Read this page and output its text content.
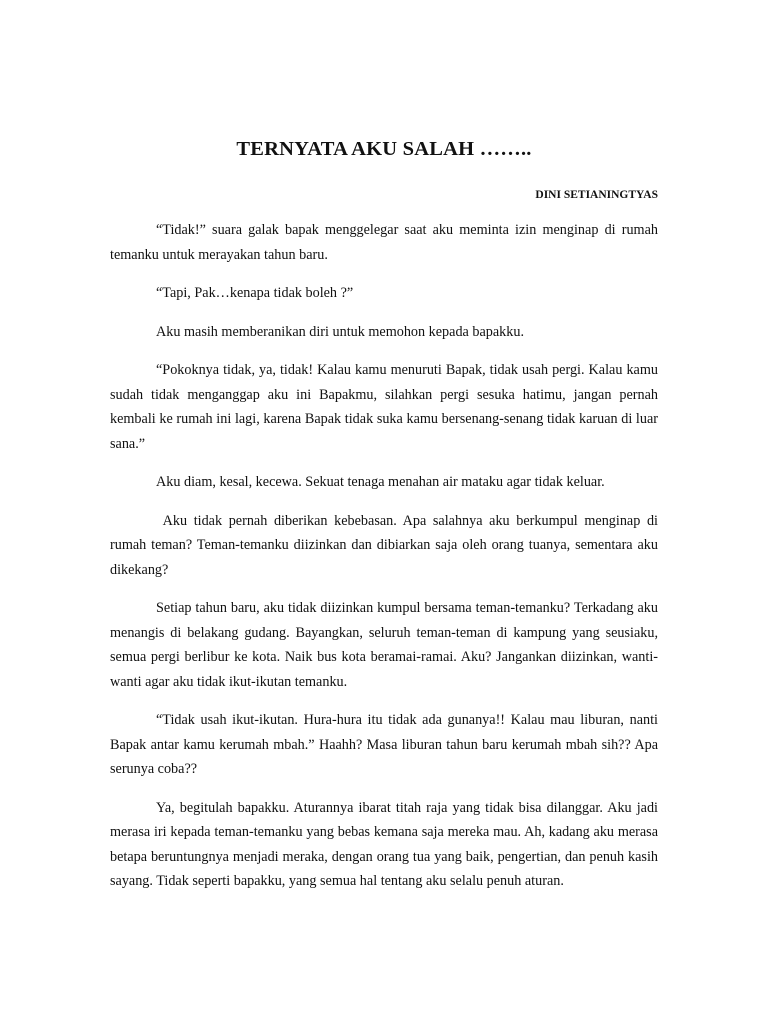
TERNYATA AKU SALAH ……..

DINI SETIANINGTYAS

“Tidak!” suara galak bapak menggelegar saat aku meminta izin menginap di rumah temanku untuk merayakan tahun baru.

“Tapi, Pak…kenapa tidak boleh ?”

Aku masih memberanikan diri untuk memohon kepada bapakku.

“Pokoknya tidak, ya, tidak! Kalau kamu menuruti Bapak, tidak usah pergi. Kalau kamu sudah tidak menganggap aku ini Bapakmu, silahkan pergi sesuka hatimu, jangan pernah kembali ke rumah ini lagi, karena Bapak tidak suka kamu bersenang-senang tidak karuan di luar sana.”

Aku diam, kesal, kecewa. Sekuat tenaga menahan air mataku agar tidak keluar.

Aku tidak pernah diberikan kebebasan. Apa salahnya aku berkumpul menginap di rumah teman? Teman-temanku diizinkan dan dibiarkan saja oleh orang tuanya, sementara aku dikekang?

Setiap tahun baru, aku tidak diizinkan kumpul bersama teman-temanku? Terkadang aku menangis di belakang gudang. Bayangkan, seluruh teman-teman di kampung yang seusiaku, semua pergi berlibur ke kota. Naik bus kota beramai-ramai. Aku? Jangankan diizinkan, wanti-wanti agar aku tidak ikut-ikutan temanku.

“Tidak usah ikut-ikutan. Hura-hura itu tidak ada gunanya!! Kalau mau liburan, nanti Bapak antar kamu kerumah mbah.” Haahh? Masa liburan tahun baru kerumah mbah sih?? Apa serunya coba??

Ya, begitulah bapakku. Aturannya ibarat titah raja yang tidak bisa dilanggar. Aku jadi merasa iri kepada teman-temanku yang bebas kemana saja mereka mau. Ah, kadang aku merasa betapa beruntungnya menjadi meraka, dengan orang tua yang baik, pengertian, dan penuh kasih sayang. Tidak seperti bapakku, yang semua hal tentang aku selalu penuh aturan.
